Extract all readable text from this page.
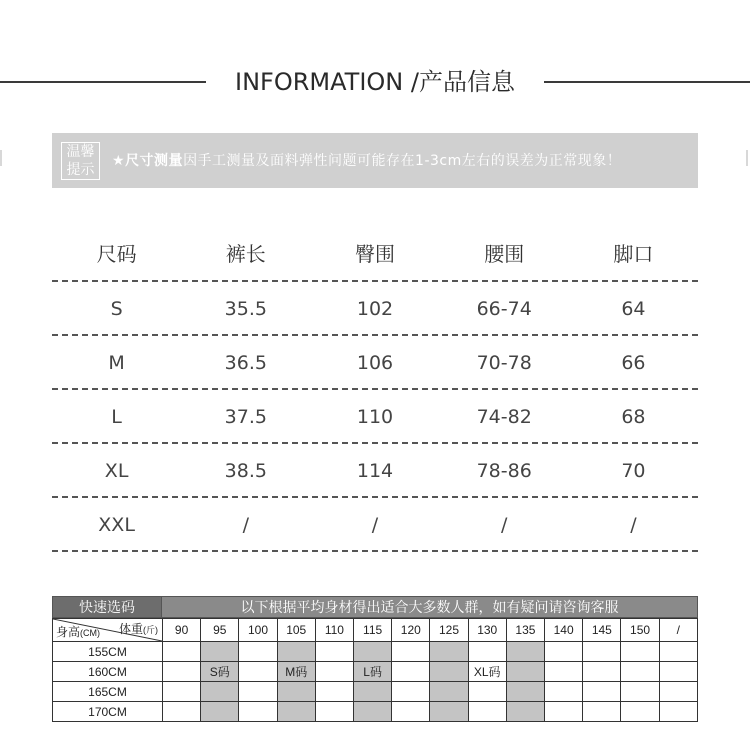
INFORMATION /产品信息
温馨
提示
★尺寸测量因手工测量及面料弹性问题可能存在1-3cm左右的误差为正常现象！
尺码	裤长	臀围	腰围	脚口
S	35.5	102	66-74	64
M	36.5	106	70-78	66
L	37.5	110	74-82	68
XL	38.5	114	78-86	70
XXL	/	/	/	/
快速选码	以下根据平均身材得出适合大多数人群，如有疑问请咨询客服
体重(斤)
身高(CM)	90	95	100	105	110	115	120	125	130	135	140	145	150	/
155CM														
160CM		S码		M码		L码			XL码					
165CM														
170CM														
